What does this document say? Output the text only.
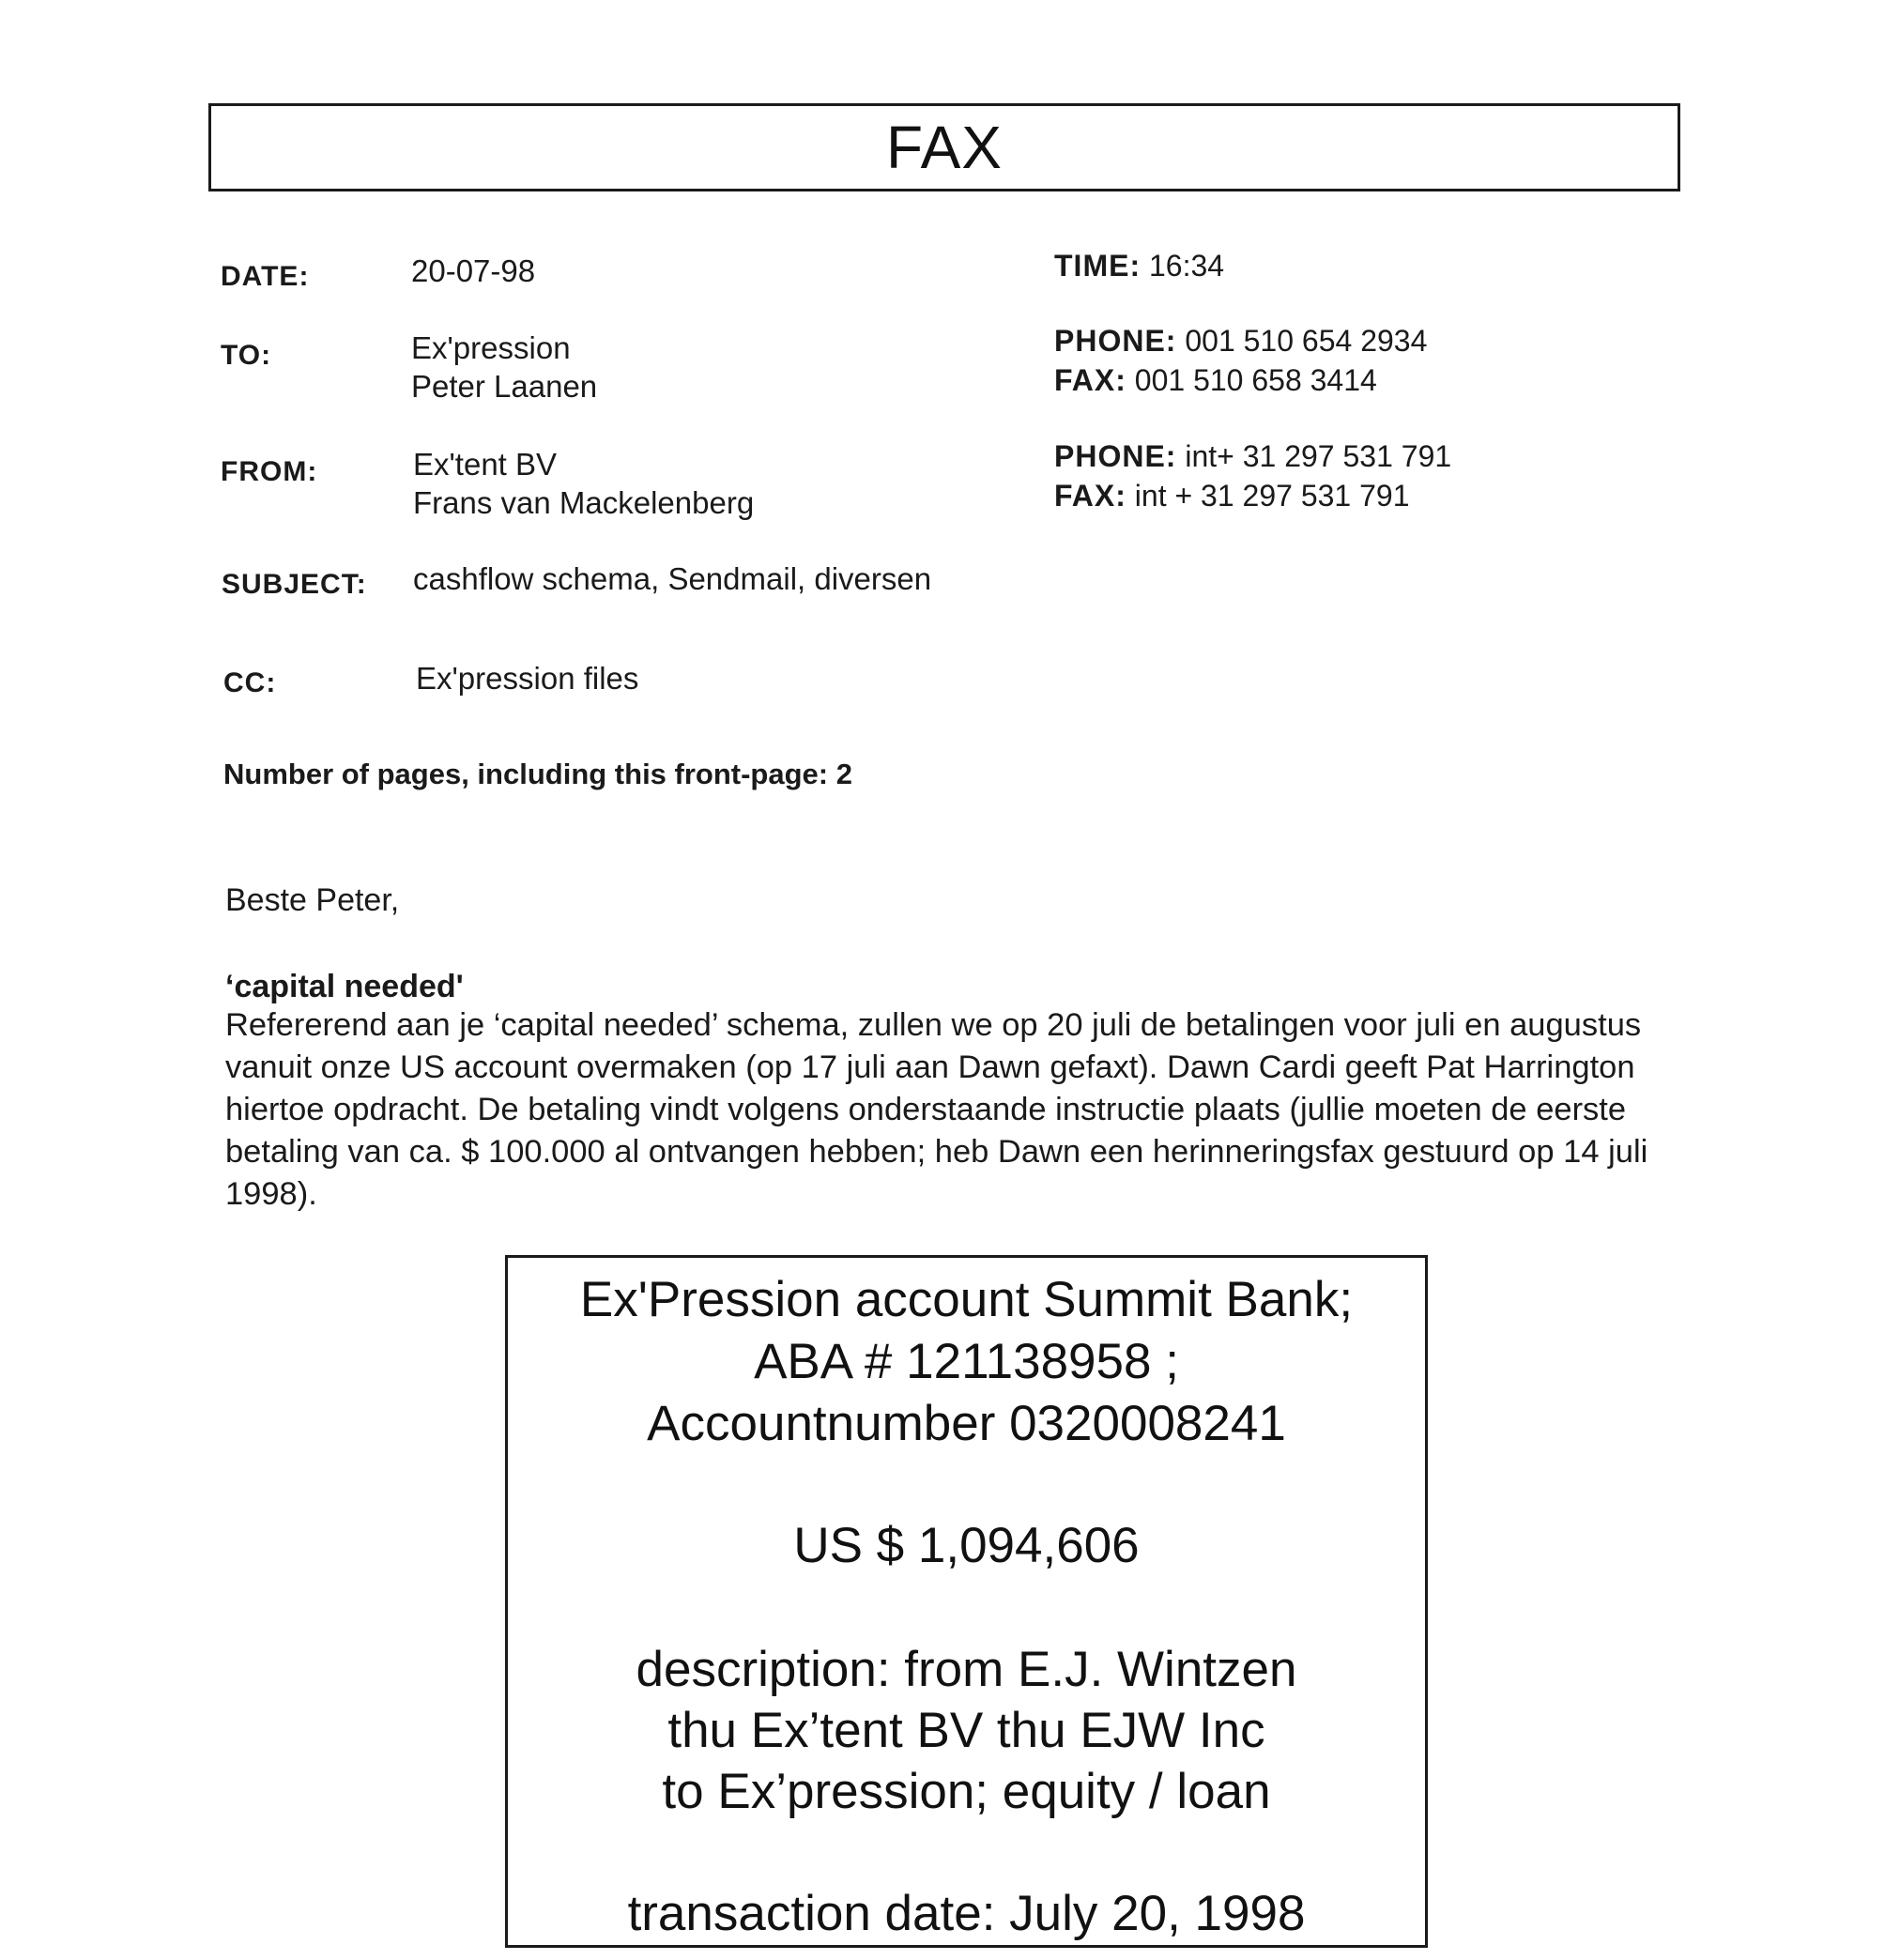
FAX
DATE:	20-07-98	TIME: 16:34
TO:	Ex'pression
Peter Laanen
PHONE: 001 510 654 2934
FAX: 001 510 658 3414
FROM:	Ex'tent BV
Frans van Mackelenberg
PHONE: int+ 31 297 531 791
FAX: int + 31 297 531 791
SUBJECT: cashflow schema, Sendmail, diversen
CC:	Ex'pression files
Number of pages, including this front-page: 2
Beste Peter,
‘capital needed'
Refererend aan je ‘capital needed’ schema, zullen we op 20 juli de betalingen voor juli en augustus vanuit onze US account overmaken (op 17 juli aan Dawn gefaxt). Dawn Cardi geeft Pat Harrington hiertoe opdracht. De betaling vindt volgens onderstaande instructie plaats (jullie moeten de eerste betaling van ca. $ 100.000 al ontvangen hebben; heb Dawn een herinneringsfax gestuurd op 14 juli 1998).
Ex'Pression account Summit Bank;
ABA # 121138958 ;
Accountnumber 0320008241
US $ 1,094,606
description: from E.J. Wintzen
thu Ex’tent BV thu EJW Inc
to Ex’pression; equity / loan
transaction date: July 20, 1998
